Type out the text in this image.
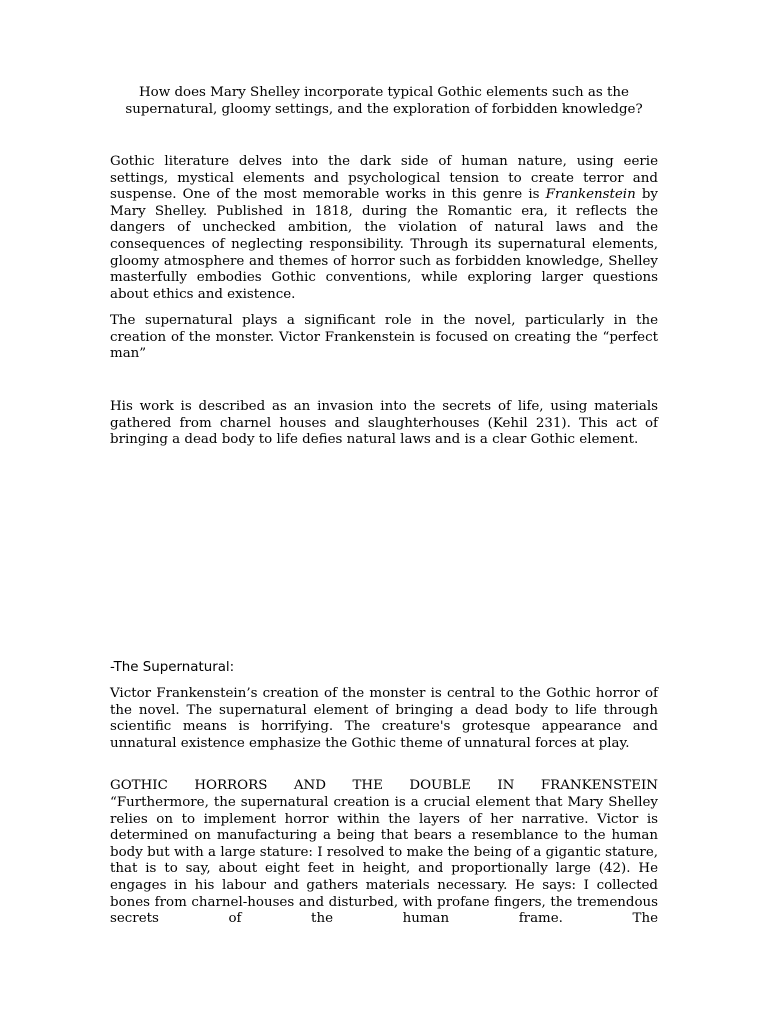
How does Mary Shelley incorporate typical Gothic elements such as the supernatural, gloomy settings, and the exploration of forbidden knowledge?

Gothic literature delves into the dark side of human nature, using eerie settings, mystical elements and psychological tension to create terror and suspense. One of the most memorable works in this genre is Frankenstein by Mary Shelley. Published in 1818, during the Romantic era, it reflects the dangers of unchecked ambition, the violation of natural laws and the consequences of neglecting responsibility. Through its supernatural elements, gloomy atmosphere and themes of horror such as forbidden knowledge, Shelley masterfully embodies Gothic conventions, while exploring larger questions about ethics and existence.

The supernatural plays a significant role in the novel, particularly in the creation of the monster. Victor Frankenstein is focused on creating the “perfect man”

His work is described as an invasion into the secrets of life, using materials gathered from charnel houses and slaughterhouses (Kehil 231). This act of bringing a dead body to life defies natural laws and is a clear Gothic element.

-The Supernatural:

Victor Frankenstein’s creation of the monster is central to the Gothic horror of the novel. The supernatural element of bringing a dead body to life through scientific means is horrifying. The creature's grotesque appearance and unnatural existence emphasize the Gothic theme of unnatural forces at play.

GOTHIC HORRORS AND THE DOUBLE IN FRANKENSTEIN

“Furthermore, the supernatural creation is a crucial element that Mary Shelley relies on to implement horror within the layers of her narrative. Victor is determined on manufacturing a being that bears a resemblance to the human body but with a large stature: I resolved to make the being of a gigantic stature, that is to say, about eight feet in height, and proportionally large (42). He engages in his labour and gathers materials necessary. He says: I collected bones from charnel-houses and disturbed, with profane fingers, the tremendous secrets of the human frame. The
